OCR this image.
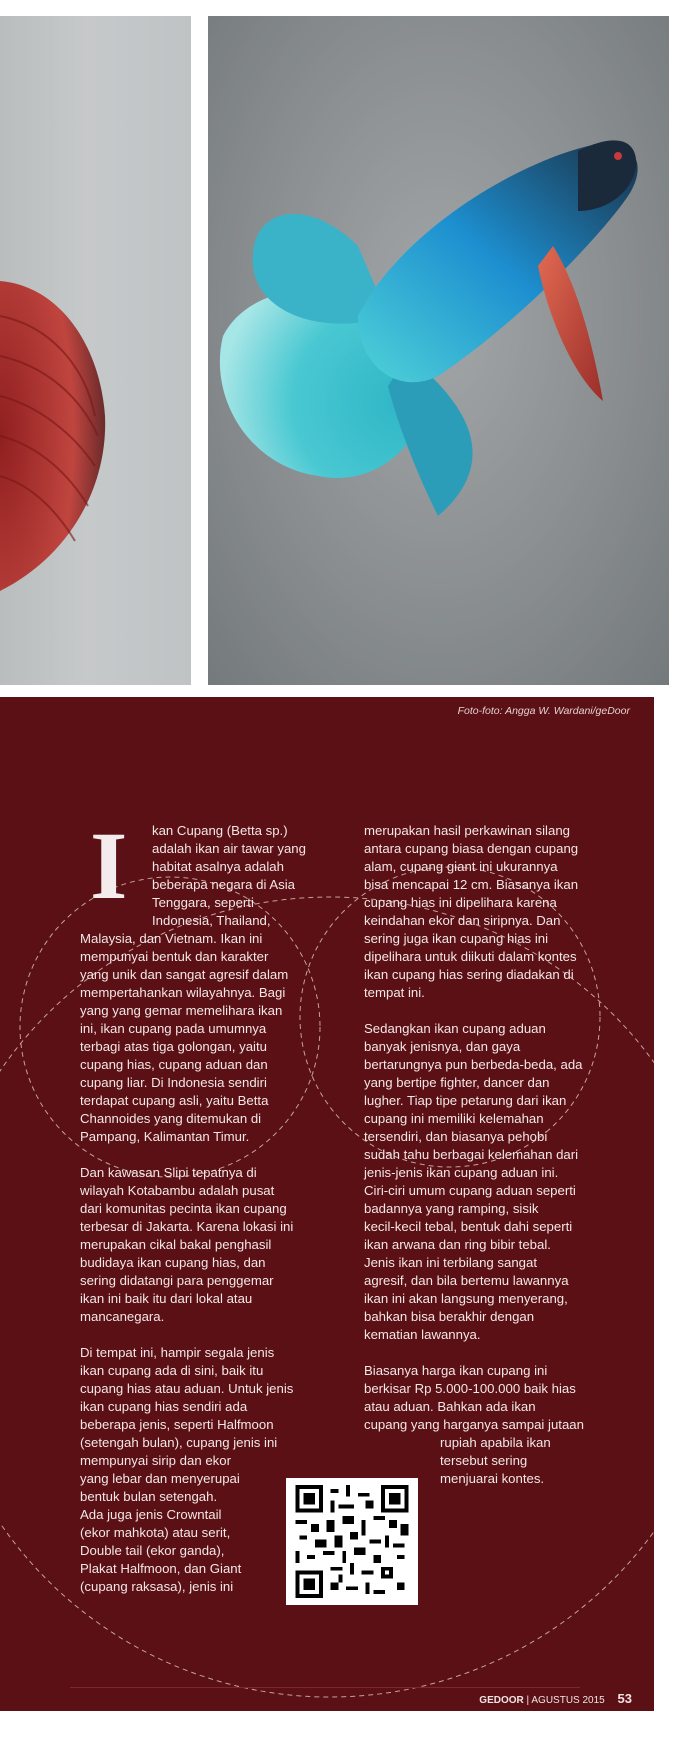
Foto-foto: Angga W. Wardani/geDoor
I	kan Cupang (Betta sp.)
adalah ikan air tawar yang
habitat asalnya adalah
beberapa negara di Asia
Tenggara, seperti
Indonesia, Thailand,
Malaysia, dan Vietnam. Ikan ini
mempunyai bentuk dan karakter
yang unik dan sangat agresif dalam
mempertahankan wilayahnya. Bagi
yang yang gemar memelihara ikan
ini, ikan cupang pada umumnya
terbagi atas tiga golongan, yaitu
cupang hias, cupang aduan dan
cupang liar. Di Indonesia sendiri
terdapat cupang asli, yaitu Betta
Channoides yang ditemukan di
Pampang, Kalimantan Timur.

Dan kawasan Slipi tepatnya di
wilayah Kotabambu adalah pusat
dari komunitas pecinta ikan cupang
terbesar di Jakarta. Karena lokasi ini
merupakan cikal bakal penghasil
budidaya ikan cupang hias, dan
sering didatangi para penggemar
ikan ini baik itu dari lokal atau
mancanegara.

Di tempat ini, hampir segala jenis
ikan cupang ada di sini, baik itu
cupang hias atau aduan. Untuk jenis
ikan cupang hias sendiri ada
beberapa jenis, seperti Halfmoon
(setengah bulan), cupang jenis ini
mempunyai sirip dan ekor
yang lebar dan menyerupai
bentuk bulan setengah.
Ada juga jenis Crowntail
(ekor mahkota) atau serit,
Double tail (ekor ganda),
Plakat Halfmoon, dan Giant
(cupang raksasa), jenis ini

merupakan hasil perkawinan silang
antara cupang biasa dengan cupang
alam, cupang giant ini ukurannya
bisa mencapai 12 cm. Biasanya ikan
cupang hias ini dipelihara karena
keindahan ekor dan siripnya. Dan
sering juga ikan cupang hias ini
dipelihara untuk diikuti dalam kontes
ikan cupang hias sering diadakan di
tempat ini.

Sedangkan ikan cupang aduan
banyak jenisnya, dan gaya
bertarungnya pun berbeda-beda, ada
yang bertipe fighter, dancer dan
lugher. Tiap tipe petarung dari ikan
cupang ini memiliki kelemahan
tersendiri, dan biasanya pehobi
sudah tahu berbagai kelemahan dari
jenis-jenis ikan cupang aduan ini.
Ciri-ciri umum cupang aduan seperti
badannya yang ramping, sisik
kecil-kecil tebal, bentuk dahi seperti
ikan arwana dan ring bibir tebal.
Jenis ikan ini terbilang sangat
agresif, dan bila bertemu lawannya
ikan ini akan langsung menyerang,
bahkan bisa berakhir dengan
kematian lawannya.

Biasanya harga ikan cupang ini
berkisar Rp 5.000-100.000 baik hias
atau aduan. Bahkan ada ikan
cupang yang harganya sampai jutaan

rupiah apabila ikan
tersebut sering
menjuarai kontes.

GEDOOR | AGUSTUS 2015 53
